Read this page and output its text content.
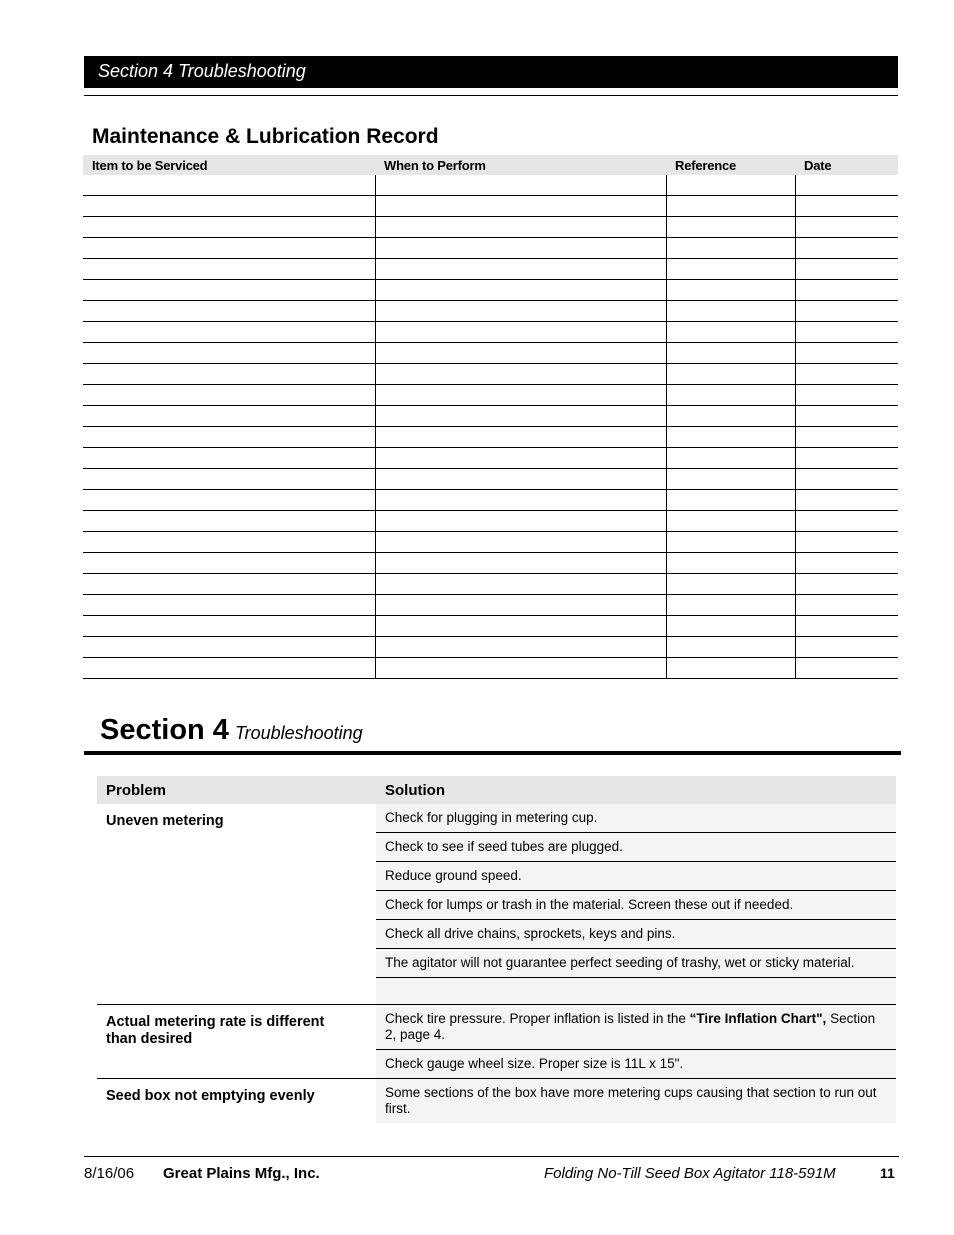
Section 4 Troubleshooting
Maintenance & Lubrication Record
Item to be Serviced	When to Perform	Reference	Date

Section 4 Troubleshooting
Problem	Solution
Uneven metering	Check for plugging in metering cup.
	Check to see if seed tubes are plugged.
	Reduce ground speed.
	Check for lumps or trash in the material. Screen these out if needed.
	Check all drive chains, sprockets, keys and pins.
	The agitator will not guarantee perfect seeding of trashy, wet or sticky material.

Actual metering rate is different than desired	Check tire pressure. Proper inflation is listed in the “Tire Inflation Chart", Section 2, page 4.
	Check gauge wheel size. Proper size is 11L x 15".
Seed box not emptying evenly	Some sections of the box have more metering cups causing that section to run out first.
8/16/06 Great Plains Mfg., Inc.	Folding No-Till Seed Box Agitator 118-591M	11
